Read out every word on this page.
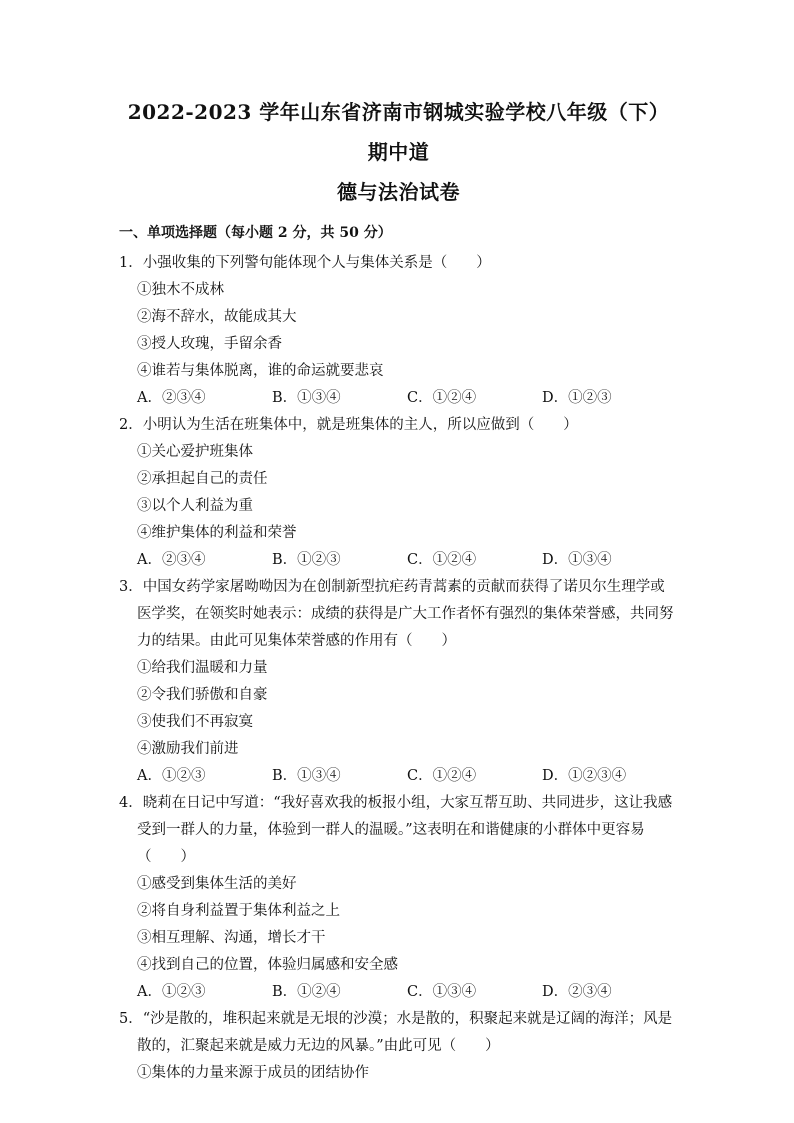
2022-2023 学年山东省济南市钢城实验学校八年级（下）期中道
德与法治试卷
一、单项选择题（每小题 2 分，共 50 分）
1．小强收集的下列警句能体现个人与集体关系是（　　）
①独木不成林
②海不辞水，故能成其大
③授人玫瑰，手留余香
④谁若与集体脱离，谁的命运就要悲哀
A．②③④	B．①③④	C．①②④	D．①②③
2．小明认为生活在班集体中，就是班集体的主人，所以应做到（　　）
①关心爱护班集体
②承担起自己的责任
③以个人利益为重
④维护集体的利益和荣誉
A．②③④	B．①②③	C．①②④	D．①③④
3．中国女药学家屠呦呦因为在创制新型抗疟药青蒿素的贡献而获得了诺贝尔生理学或医学奖，在领奖时她表示：成绩的获得是广大工作者怀有强烈的集体荣誉感，共同努力的结果。由此可见集体荣誉感的作用有（　　）
①给我们温暖和力量
②令我们骄傲和自豪
③使我们不再寂寞
④激励我们前进
A．①②③	B．①③④	C．①②④	D．①②③④
4．晓莉在日记中写道：“我好喜欢我的板报小组，大家互帮互助、共同进步，这让我感受到一群人的力量，体验到一群人的温暖。”这表明在和谐健康的小群体中更容易（　　）
①感受到集体生活的美好
②将自身利益置于集体利益之上
③相互理解、沟通，增长才干
④找到自己的位置，体验归属感和安全感
A．①②③	B．①②④	C．①③④	D．②③④
5．“沙是散的，堆积起来就是无垠的沙漠；水是散的，积聚起来就是辽阔的海洋；风是散的，汇聚起来就是威力无边的风暴。”由此可见（　　）
①集体的力量来源于成员的团结协作
